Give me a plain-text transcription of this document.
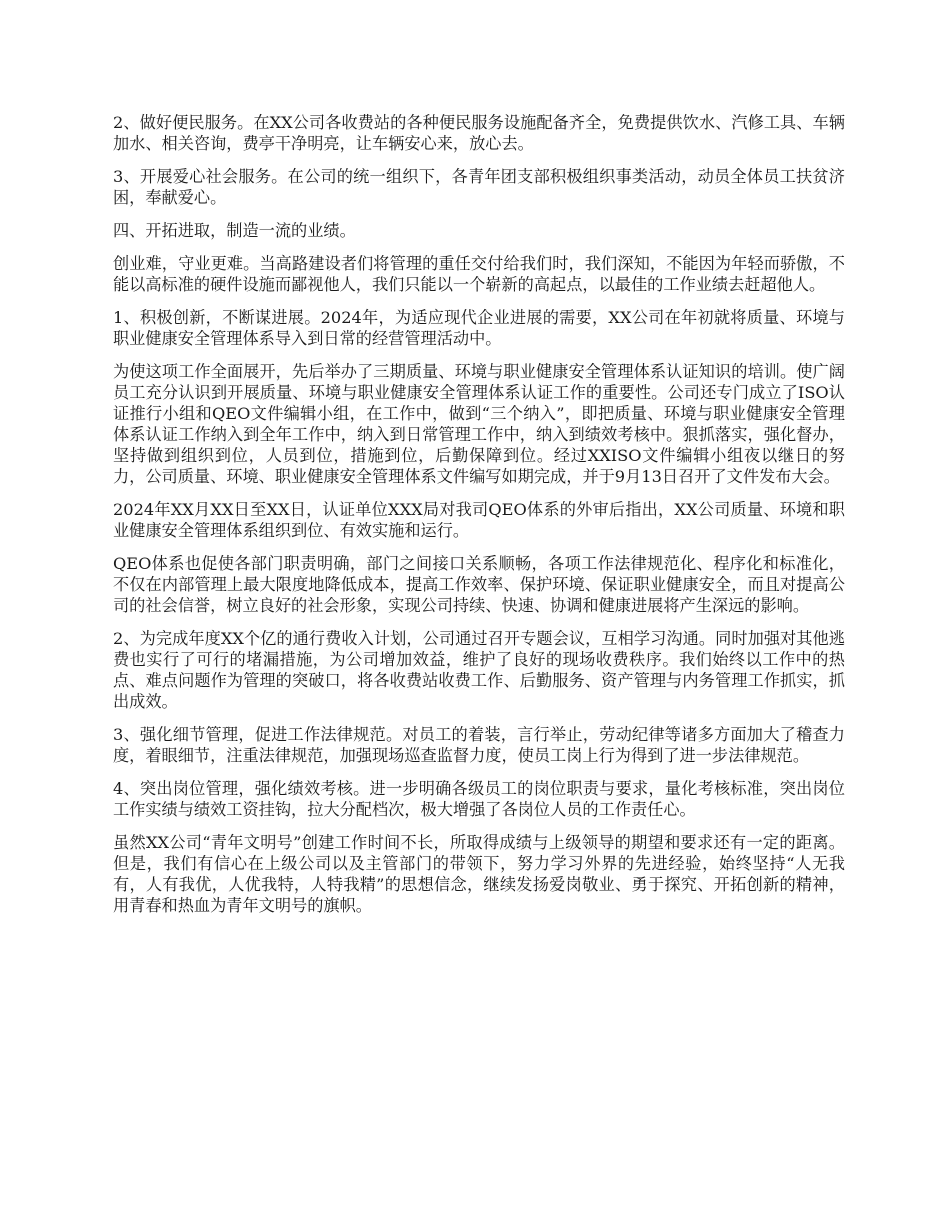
2、做好便民服务。在XX公司各收费站的各种便民服务设施配备齐全，免费提供饮水、汽修工具、车辆加水、相关咨询，费亭干净明亮，让车辆安心来，放心去。

3、开展爱心社会服务。在公司的统一组织下，各青年团支部积极组织事类活动，动员全体员工扶贫济困，奉献爱心。

四、开拓进取，制造一流的业绩。

创业难，守业更难。当高路建设者们将管理的重任交付给我们时，我们深知，不能因为年轻而骄傲，不能以高标准的硬件设施而鄙视他人，我们只能以一个崭新的高起点，以最佳的工作业绩去赶超他人。

1、积极创新，不断谋进展。2024年，为适应现代企业进展的需要，XX公司在年初就将质量、环境与职业健康安全管理体系导入到日常的经营管理活动中。

为使这项工作全面展开，先后举办了三期质量、环境与职业健康安全管理体系认证知识的培训。使广阔员工充分认识到开展质量、环境与职业健康安全管理体系认证工作的重要性。公司还专门成立了ISO认证推行小组和QEO文件编辑小组，在工作中，做到“三个纳入”，即把质量、环境与职业健康安全管理体系认证工作纳入到全年工作中，纳入到日常管理工作中，纳入到绩效考核中。狠抓落实，强化督办，坚持做到组织到位，人员到位，措施到位，后勤保障到位。经过XXISO文件编辑小组夜以继日的努力，公司质量、环境、职业健康安全管理体系文件编写如期完成，并于9月13日召开了文件发布大会。

2024年XX月XX日至XX日，认证单位XXX局对我司QEO体系的外审后指出，XX公司质量、环境和职业健康安全管理体系组织到位、有效实施和运行。

QEO体系也促使各部门职责明确，部门之间接口关系顺畅，各项工作法律规范化、程序化和标准化，不仅在内部管理上最大限度地降低成本，提高工作效率、保护环境、保证职业健康安全，而且对提高公司的社会信誉，树立良好的社会形象，实现公司持续、快速、协调和健康进展将产生深远的影响。

2、为完成年度XX个亿的通行费收入计划，公司通过召开专题会议，互相学习沟通。同时加强对其他逃费也实行了可行的堵漏措施，为公司增加效益，维护了良好的现场收费秩序。我们始终以工作中的热点、难点问题作为管理的突破口，将各收费站收费工作、后勤服务、资产管理与内务管理工作抓实，抓出成效。

3、强化细节管理，促进工作法律规范。对员工的着装，言行举止，劳动纪律等诸多方面加大了稽查力度，着眼细节，注重法律规范，加强现场巡查监督力度，使员工岗上行为得到了进一步法律规范。

4、突出岗位管理，强化绩效考核。进一步明确各级员工的岗位职责与要求，量化考核标准，突出岗位工作实绩与绩效工资挂钩，拉大分配档次，极大增强了各岗位人员的工作责任心。

虽然XX公司“青年文明号”创建工作时间不长，所取得成绩与上级领导的期望和要求还有一定的距离。但是，我们有信心在上级公司以及主管部门的带领下，努力学习外界的先进经验，始终坚持“人无我有，人有我优，人优我特，人特我精”的思想信念，继续发扬爱岗敬业、勇于探究、开拓创新的精神，用青春和热血为青年文明号的旗帜。
